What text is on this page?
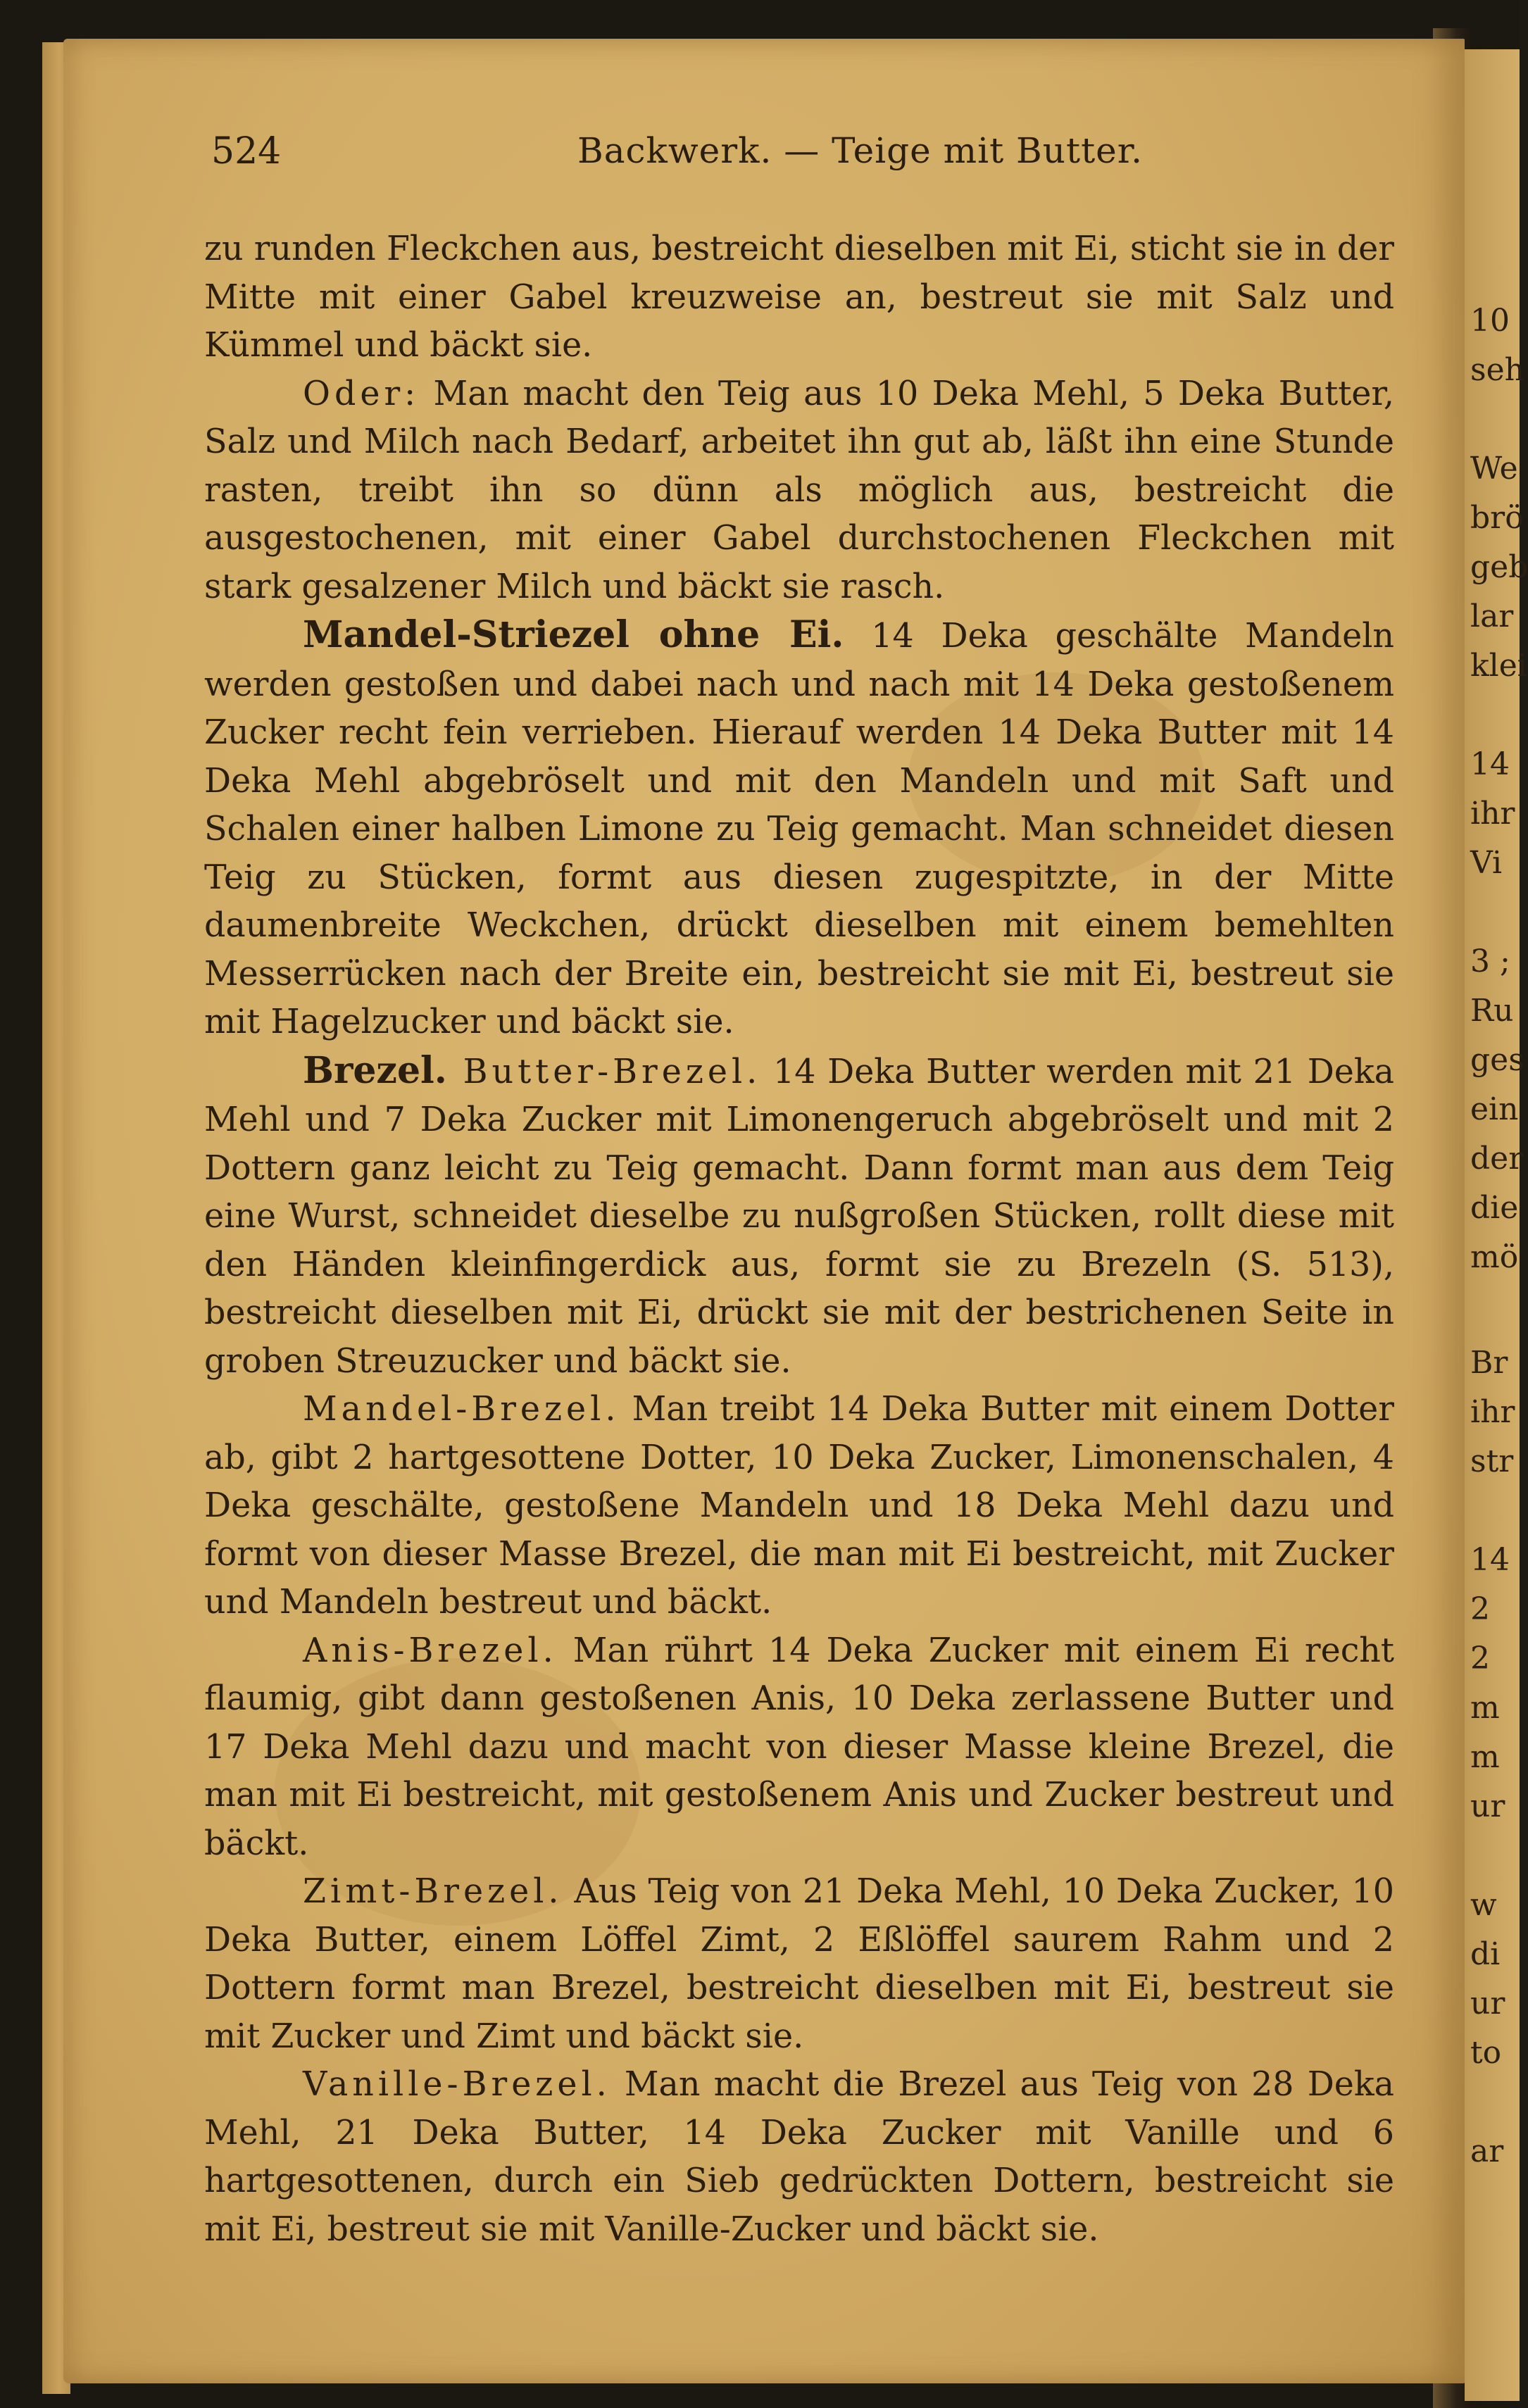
10
seh
We
brö
geb
lar
klei
14
ihr
Vi
3 ;
Ru
ges
ein
der
die
mö
Br
ihr
str
14
2
2
m
m
ur
w
di
ur
to
ar
524	Backwerk. — Teige mit Butter.

zu runden Fleckchen aus, bestreicht dieselben mit Ei, sticht sie in der Mitte mit einer Gabel kreuzweise an, bestreut sie mit Salz und Kümmel und bäckt sie.

Oder: Man macht den Teig aus 10 Deka Mehl, 5 Deka Butter, Salz und Milch nach Bedarf, arbeitet ihn gut ab, läßt ihn eine Stunde rasten, treibt ihn so dünn als möglich aus, bestreicht die ausgestochenen, mit einer Gabel durchstochenen Fleckchen mit stark gesalzener Milch und bäckt sie rasch.

Mandel-Striezel ohne Ei. 14 Deka geschälte Mandeln werden gestoßen und dabei nach und nach mit 14 Deka gestoßenem Zucker recht fein verrieben. Hierauf werden 14 Deka Butter mit 14 Deka Mehl abgebröselt und mit den Mandeln und mit Saft und Schalen einer halben Limone zu Teig gemacht. Man schneidet diesen Teig zu Stücken, formt aus diesen zugespitzte, in der Mitte daumenbreite Weckchen, drückt dieselben mit einem bemehlten Messerrücken nach der Breite ein, bestreicht sie mit Ei, bestreut sie mit Hagelzucker und bäckt sie.

Brezel. Butter-Brezel. 14 Deka Butter werden mit 21 Deka Mehl und 7 Deka Zucker mit Limonengeruch abgebröselt und mit 2 Dottern ganz leicht zu Teig gemacht. Dann formt man aus dem Teig eine Wurst, schneidet dieselbe zu nußgroßen Stücken, rollt diese mit den Händen kleinfingerdick aus, formt sie zu Brezeln (S. 513), bestreicht dieselben mit Ei, drückt sie mit der bestrichenen Seite in groben Streuzucker und bäckt sie.

Mandel-Brezel. Man treibt 14 Deka Butter mit einem Dotter ab, gibt 2 hartgesottene Dotter, 10 Deka Zucker, Limonenschalen, 4 Deka geschälte, gestoßene Mandeln und 18 Deka Mehl dazu und formt von dieser Masse Brezel, die man mit Ei bestreicht, mit Zucker und Mandeln bestreut und bäckt.

Anis-Brezel. Man rührt 14 Deka Zucker mit einem Ei recht flaumig, gibt dann gestoßenen Anis, 10 Deka zerlassene Butter und 17 Deka Mehl dazu und macht von dieser Masse kleine Brezel, die man mit Ei bestreicht, mit gestoßenem Anis und Zucker bestreut und bäckt.

Zimt-Brezel. Aus Teig von 21 Deka Mehl, 10 Deka Zucker, 10 Deka Butter, einem Löffel Zimt, 2 Eßlöffel saurem Rahm und 2 Dottern formt man Brezel, bestreicht dieselben mit Ei, bestreut sie mit Zucker und Zimt und bäckt sie.

Vanille-Brezel. Man macht die Brezel aus Teig von 28 Deka Mehl, 21 Deka Butter, 14 Deka Zucker mit Vanille und 6 hartgesottenen, durch ein Sieb gedrückten Dottern, bestreicht sie mit Ei, bestreut sie mit Vanille-Zucker und bäckt sie.
